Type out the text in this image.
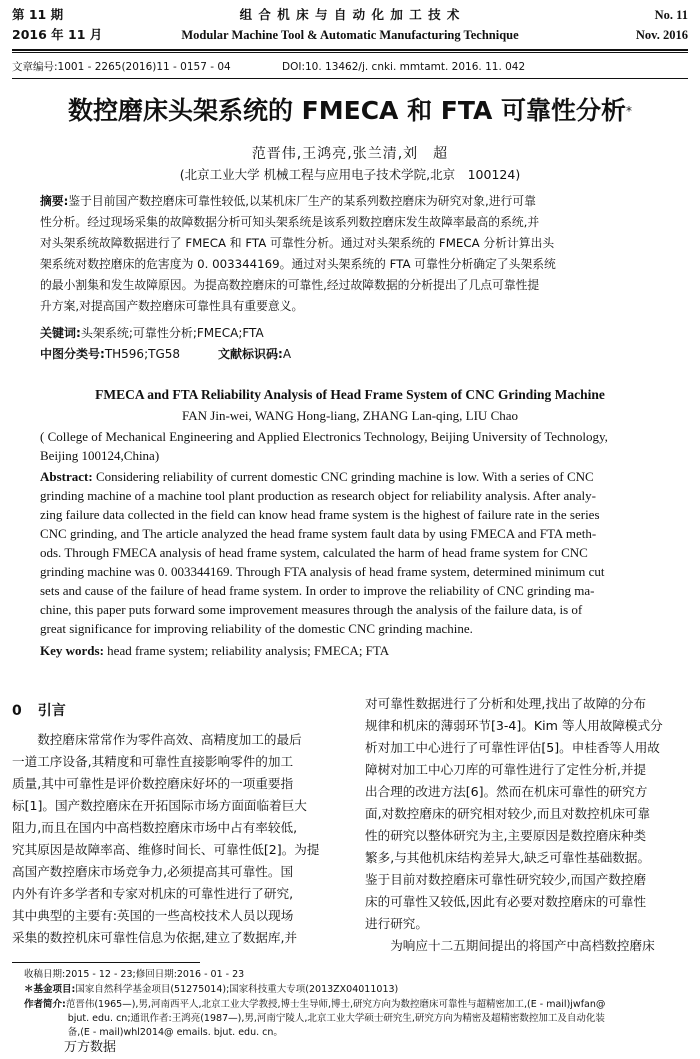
第 11 期
2016 年 11 月
组 合 机 床 与 自 动 化 加 工 技 术
Modular Machine Tool & Automatic Manufacturing Technique
No. 11
Nov. 2016
文章编号:1001 - 2265(2016)11 - 0157 - 04	DOI:10. 13462/j. cnki. mmtamt. 2016. 11. 042
数控磨床头架系统的 FMECA 和 FTA 可靠性分析*
范晋伟,王鸿亮,张兰清,刘　超
(北京工业大学 机械工程与应用电子技术学院,北京　100124)
摘要:鉴于目前国产数控磨床可靠性较低,以某机床厂生产的某系列数控磨床为研究对象,进行可靠
性分析。经过现场采集的故障数据分析可知头架系统是该系列数控磨床发生故障率最高的系统,并
对头架系统故障数据进行了 FMECA 和 FTA 可靠性分析。通过对头架系统的 FMECA 分析计算出头
架系统对数控磨床的危害度为 0. 003344169。通过对头架系统的 FTA 可靠性分析确定了头架系统
的最小割集和发生故障原因。为提高数控磨床的可靠性,经过故障数据的分析提出了几点可靠性提
升方案,对提高国产数控磨床可靠性具有重要意义。
关键词:头架系统;可靠性分析;FMECA;FTA
中图分类号:TH596;TG58	文献标识码:A
FMECA and FTA Reliability Analysis of Head Frame System of CNC Grinding Machine
FAN Jin-wei, WANG Hong-liang, ZHANG Lan-qing, LIU Chao
( College of Mechanical Engineering and Applied Electronics Technology, Beijing University of Technology,
Beijing 100124,China)
Abstract: Considering reliability of current domestic CNC grinding machine is low. With a series of CNC
grinding machine of a machine tool plant production as research object for reliability analysis. After analy-
zing failure data collected in the field can know head frame system is the highest of failure rate in the series
CNC grinding, and The article analyzed the head frame system fault data by using FMECA and FTA meth-
ods. Through FMECA analysis of head frame system, calculated the harm of head frame system for CNC
grinding machine was 0. 003344169. Through FTA analysis of head frame system, determined minimum cut
sets and cause of the failure of head frame system. In order to improve the reliability of CNC grinding ma-
chine, this paper puts forward some improvement measures through the analysis of the failure data, is of
great significance for improving reliability of the domestic CNC grinding machine.
Key words: head frame system; reliability analysis; FMECA; FTA
0 引言
　　数控磨床常常作为零件高效、高精度加工的最后
一道工序设备,其精度和可靠性直接影响零件的加工
质量,其中可靠性是评价数控磨床好坏的一项重要指
标[1]。国产数控磨床在开拓国际市场方面面临着巨大
阻力,而且在国内中高档数控磨床市场中占有率较低,
究其原因是故障率高、维修时间长、可靠性低[2]。为提
高国产数控磨床市场竞争力,必须提高其可靠性。国
内外有许多学者和专家对机床的可靠性进行了研究,
其中典型的主要有:英国的一些高校技术人员以现场
采集的数控机床可靠性信息为依据,建立了数据库,并
对可靠性数据进行了分析和处理,找出了故障的分布
规律和机床的薄弱环节[3-4]。Kim 等人用故障模式分
析对加工中心进行了可靠性评估[5]。申桂香等人用故
障树对加工中心刀库的可靠性进行了定性分析,并提
出合理的改进方法[6]。然而在机床可靠性的研究方
面,对数控磨床的研究相对较少,而且对数控机床可靠
性的研究以整体研究为主,主要原因是数控磨床种类
繁多,与其他机床结构差异大,缺乏可靠性基础数据。
鉴于目前对数控磨床可靠性研究较少,而国产数控磨
床的可靠性又较低,因此有必要对数控磨床的可靠性
进行研究。
　　为响应十二五期间提出的将国产中高档数控磨床
收稿日期:2015 - 12 - 23;修回日期:2016 - 01 - 23
＊基金项目:国家自然科学基金项目(51275014);国家科技重大专项(2013ZX04011013)
作者简介:范晋伟(1965—),男,河南西平人,北京工业大学教授,博士生导师,博士,研究方向为数控磨床可靠性与超精密加工,(E - mail)jwfan@
bjut. edu. cn;通讯作者:王鸿亮(1987—),男,河南宁陵人,北京工业大学硕士研究生,研究方向为精密及超精密数控加工及自动化装
备,(E - mail)whl2014@ emails. bjut. edu. cn。
万方数据
